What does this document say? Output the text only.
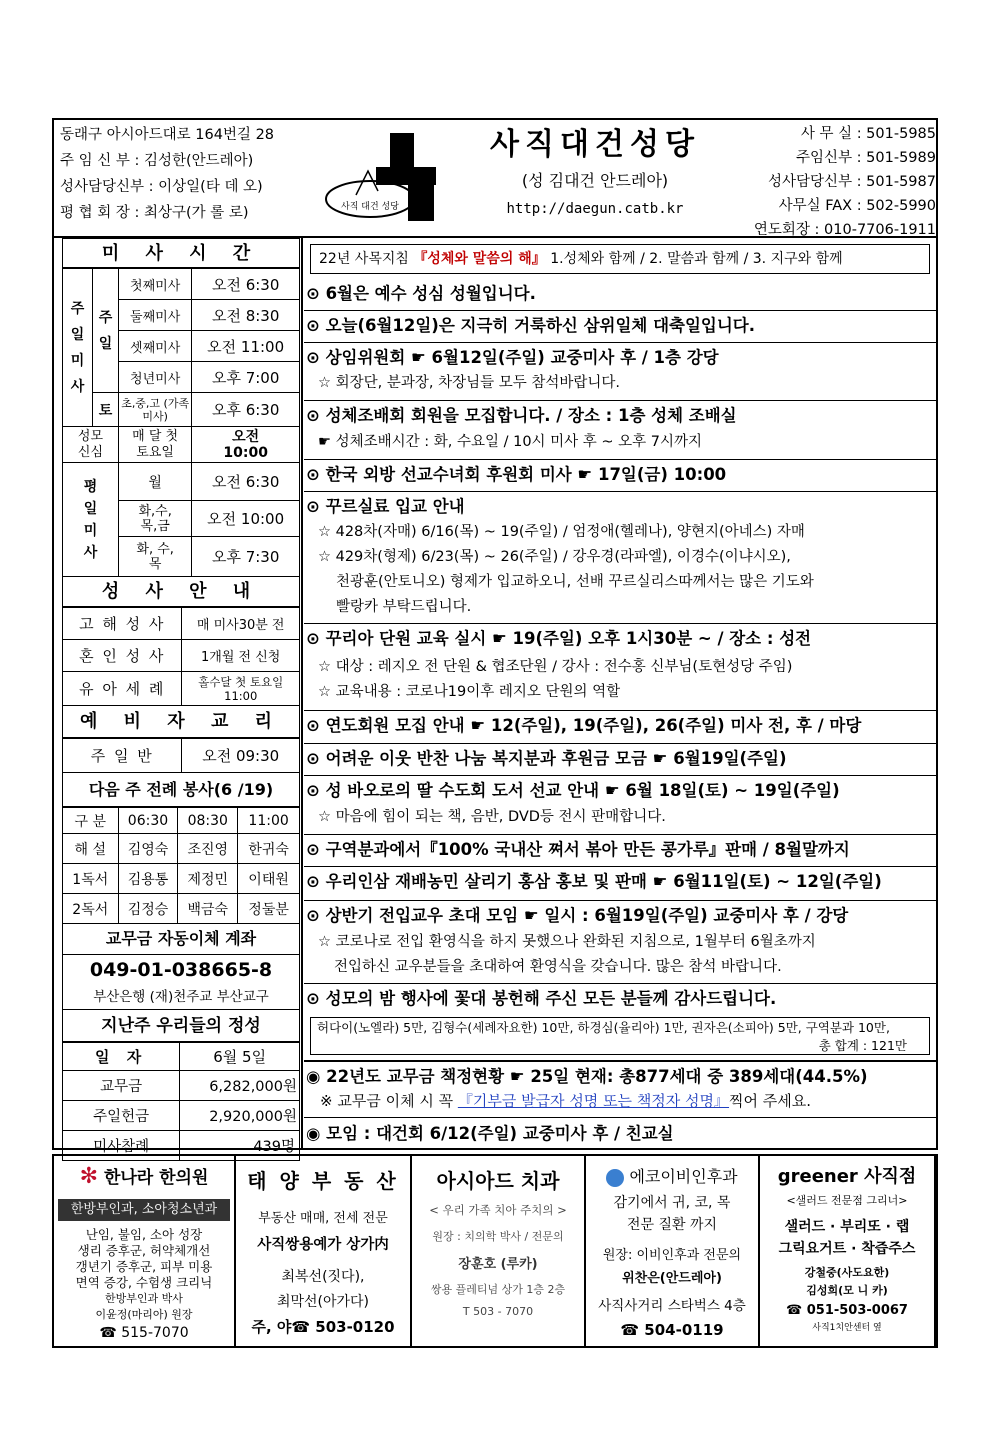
동래구 아시아드대로 164번길 28
주 임 신 부 : 김성한(안드레아)
성사담당신부 : 이상일(타 데 오)
평 협 회 장 : 최상구(가 롤 로)	사직 대건 성당
사직대건성당
(성 김대건 안드레아)
http://daegun.catb.kr
사 무 실 : 501-5985
주임신부 : 501-5989
성사담당신부 : 501-5987
사무실 FAX : 502-5990
연도회장 : 010-7706-1911
미 사 시 간
주일미사	주일	첫째미사	오전 6:30
		둘째미사	오전 8:30
		셋째미사	오전 11:00
		청년미사	오후 7:00
	토	초,중,고 (가족미사)	오후 6:30
성모 신심		매 달 첫토요일	오전 10:00
평일미사		월	오전 6:30
		화,수, 목,금	오전 10:00
		화, 수, 목	오후 7:30
성 사 안 내
고 해 성 사	매 미사30분 전
혼 인 성 사	1개월 전 신청
유 아 세 례	홀수달 첫 토요일 11:00
예 비 자 교 리
주 일 반	오전 09:30
다음 주 전례 봉사(6 /19)
구 분	06:30	08:30	11:00
해 설	김영숙	조진영	한귀숙
1독서	김용통	제정민	이태원
2독서	김정승	백금숙	정둘분
교무금 자동이체 계좌
049-01-038665-8
부산은행 (재)천주교 부산교구
지난주 우리들의 정성
일 자	6월 5일
교무금	6,282,000원
주일헌금	2,920,000원
미사참례	439명
22년 사목지침 『성체와 말씀의 해』 1.성체와 함께 / 2. 말씀과 함께 / 3. 지구와 함께
⊙ 6월은 예수 성심 성월입니다.
⊙ 오늘(6월12일)은 지극히 거룩하신 삼위일체 대축일입니다.
⊙ 상임위원회 ☛ 6월12일(주일) 교중미사 후 / 1층 강당
☆ 회장단, 분과장, 차장님들 모두 참석바랍니다.
⊙ 성체조배회 회원을 모집합니다. / 장소 : 1층 성체 조배실
☛ 성체조배시간 : 화, 수요일 / 10시 미사 후 ~ 오후 7시까지
⊙ 한국 외방 선교수녀회 후원회 미사 ☛ 17일(금) 10:00
⊙ 꾸르실료 입교 안내
☆ 428차(자매) 6/16(목) ~ 19(주일) / 엄정애(헬레나), 양현지(아네스) 자매
☆ 429차(형제) 6/23(목) ~ 26(주일) / 강우경(라파엘), 이경수(이냐시오),
천광훈(안토니오) 형제가 입교하오니, 선배 꾸르실리스따께서는 많은 기도와
빨랑카 부탁드립니다.
⊙ 꾸리아 단원 교육 실시 ☛ 19(주일) 오후 1시30분 ~ / 장소 : 성전
☆ 대상 : 레지오 전 단원 & 협조단원 / 강사 : 전수홍 신부님(토현성당 주임)
☆ 교육내용 : 코로나19이후 레지오 단원의 역할
⊙ 연도회원 모집 안내 ☛ 12(주일), 19(주일), 26(주일) 미사 전, 후 / 마당
⊙ 어려운 이웃 반찬 나눔 복지분과 후원금 모금 ☛ 6월19일(주일)
⊙ 성 바오로의 딸 수도회 도서 선교 안내 ☛ 6월 18일(토) ~ 19일(주일)
☆ 마음에 힘이 되는 책, 음반, DVD등 전시 판매합니다.
⊙ 구역분과에서『100% 국내산 쪄서 볶아 만든 콩가루』판매 / 8월말까지
⊙ 우리인삼 재배농민 살리기 홍삼 홍보 및 판매 ☛ 6월11일(토) ~ 12일(주일)
⊙ 상반기 전입교우 초대 모임 ☛ 일시 : 6월19일(주일) 교중미사 후 / 강당
☆ 코로나로 전입 환영식을 하지 못했으나 완화된 지침으로, 1월부터 6월초까지
전입하신 교우분들을 초대하여 환영식을 갖습니다. 많은 참석 바랍니다.
⊙ 성모의 밤 행사에 꽃대 봉헌해 주신 모든 분들께 감사드립니다.
허다이(노엘라) 5만, 김형수(세례자요한) 10만, 하경심(율리아) 1만, 권자은(소피아) 5만, 구역분과 10만,
총 합계 : 121만
◉ 22년도 교무금 책정현황 ☛ 25일 현재: 총877세대 중 389세대(44.5%)
※ 교무금 이체 시 꼭 『기부금 발급자 성명 또는 책정자 성명』찍어 주세요.
◉ 모임 : 대건회 6/12(주일) 교중미사 후 / 친교실
✻ 한나라 한의원
한방부인과, 소아청소년과
난임, 불임, 소아 성장
생리 증후군, 허약체개선
갱년기 증후군, 피부 미용
면역 증강, 수험생 크리닉
한방부인과 박사
이윤정(마리아) 원장
☎ 515-7070
태 양 부 동 산
부동산 매매, 전세 전문
사직쌍용예가 상가内
최복선(짓다),
최막선(아가다)
주, 야☎ 503-0120
아시아드 치과
< 우리 가족 치아 주치의 >
원장 : 치의학 박사 / 전문의
장훈호 (루카)
쌍용 플레티넘 상가 1층 2층
T 503 - 7070
에코이비인후과
감기에서 귀, 코, 목
전문 질환 까지
원장: 이비인후과 전문의
위찬은(안드레아)
사직사거리 스타벅스 4층
☎ 504-0119
greener 사직점
<샐러드 전문점 그리너>
샐러드 · 부리또 · 랩
그릭요거트 · 착즙주스
강철중(사도요한)
김성희(모 니 카)
☎ 051-503-0067
사직1치안센터 옆
